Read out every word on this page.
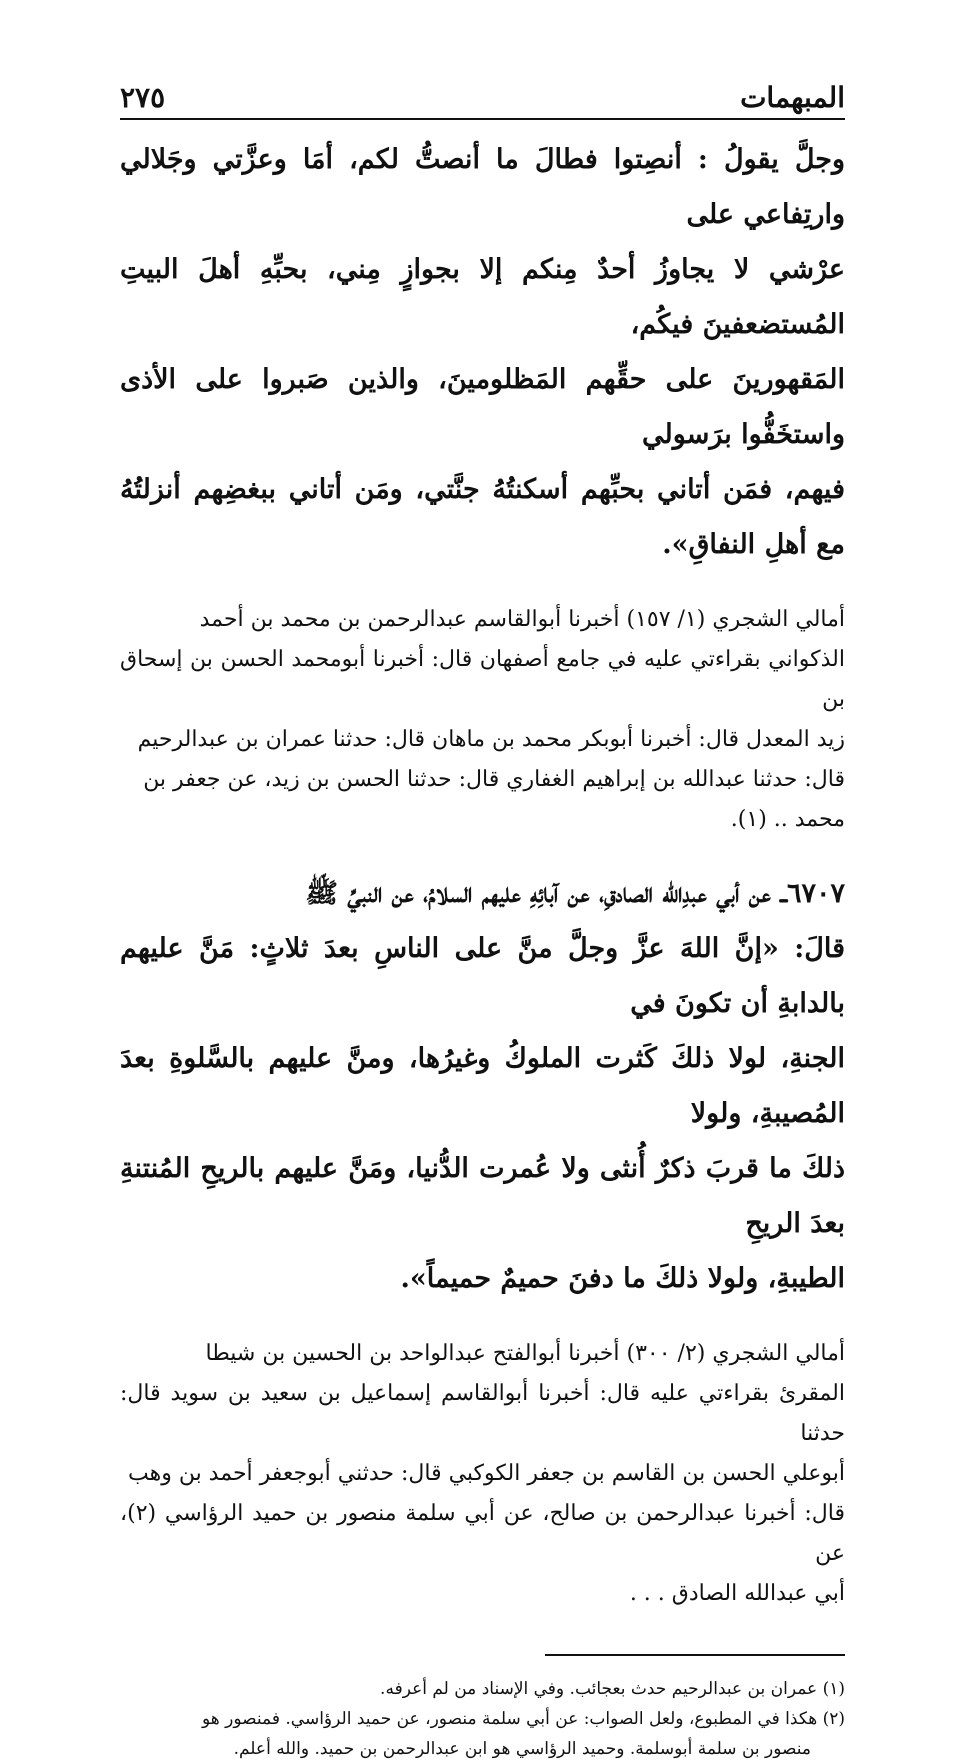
المبهمات
٢٧٥

وجلَّ يقولُ : أنصِتوا فطالَ ما أنصتُّ لكم، أمَا وعزَّتي وجَلالي وارتِفاعي على

عرْشي لا يجاوزُ أحدٌ مِنكم إلا بجوازٍ مِني، بحبِّهِ أهلَ البيتِ المُستضعفينَ فيكُم،

المَقهورينَ على حقِّهم المَظلومينَ، والذين صَبروا على الأذى واستخَفُّوا برَسولي

فيهم، فمَن أتاني بحبِّهم أسكنتُهُ جنَّتي، ومَن أتاني ببغضِهم أنزلتُهُ مع أهلِ النفاقِ».

أمالي الشجري (١/ ١٥٧) أخبرنا أبوالقاسم عبدالرحمن بن محمد بن أحمد

الذكواني بقراءتي عليه في جامع أصفهان قال: أخبرنا أبومحمد الحسن بن إسحاق بن

زيد المعدل قال: أخبرنا أبوبكر محمد بن ماهان قال: حدثنا عمران بن عبدالرحيم

قال: حدثنا عبدالله بن إبراهيم الغفاري قال: حدثنا الحسن بن زيد، عن جعفر بن

محمد .. (١).

٦٧٠٧ــ عن أبي عبدِالله الصادقِ، عن آبائِهِ عليهم السلامُ، عن النبيِّ ﷺ

قالَ: «إنَّ اللهَ عزَّ وجلَّ منَّ على الناسِ بعدَ ثلاثٍ: مَنَّ عليهم بالدابةِ أن تكونَ في

الجنةِ، لولا ذلكَ كَثرت الملوكُ وغيرُها، ومنَّ عليهم بالسَّلوةِ بعدَ المُصيبةِ، ولولا

ذلكَ ما قربَ ذكرٌ أُنثى ولا عُمرت الدُّنيا، ومَنَّ عليهم بالريحِ المُنتنةِ بعدَ الريحِ

الطيبةِ، ولولا ذلكَ ما دفنَ حميمٌ حميماً».

أمالي الشجري (٢/ ٣٠٠) أخبرنا أبوالفتح عبدالواحد بن الحسين بن شيطا

المقرئ بقراءتي عليه قال: أخبرنا أبوالقاسم إسماعيل بن سعيد بن سويد قال: حدثنا

أبوعلي الحسن بن القاسم بن جعفر الكوكبي قال: حدثني أبوجعفر أحمد بن وهب

قال: أخبرنا عبدالرحمن بن صالح، عن أبي سلمة منصور بن حميد الرؤاسي (٢)، عن

أبي عبدالله الصادق . . .

(١) عمران بن عبدالرحيم حدث بعجائب. وفي الإسناد من لم أعرفه.

(٢) هكذا في المطبوع، ولعل الصواب: عن أبي سلمة منصور، عن حميد الرؤاسي. فمنصور هو

منصور بن سلمة أبوسلمة. وحميد الرؤاسي هو ابن عبدالرحمن بن حميد. والله أعلم.
